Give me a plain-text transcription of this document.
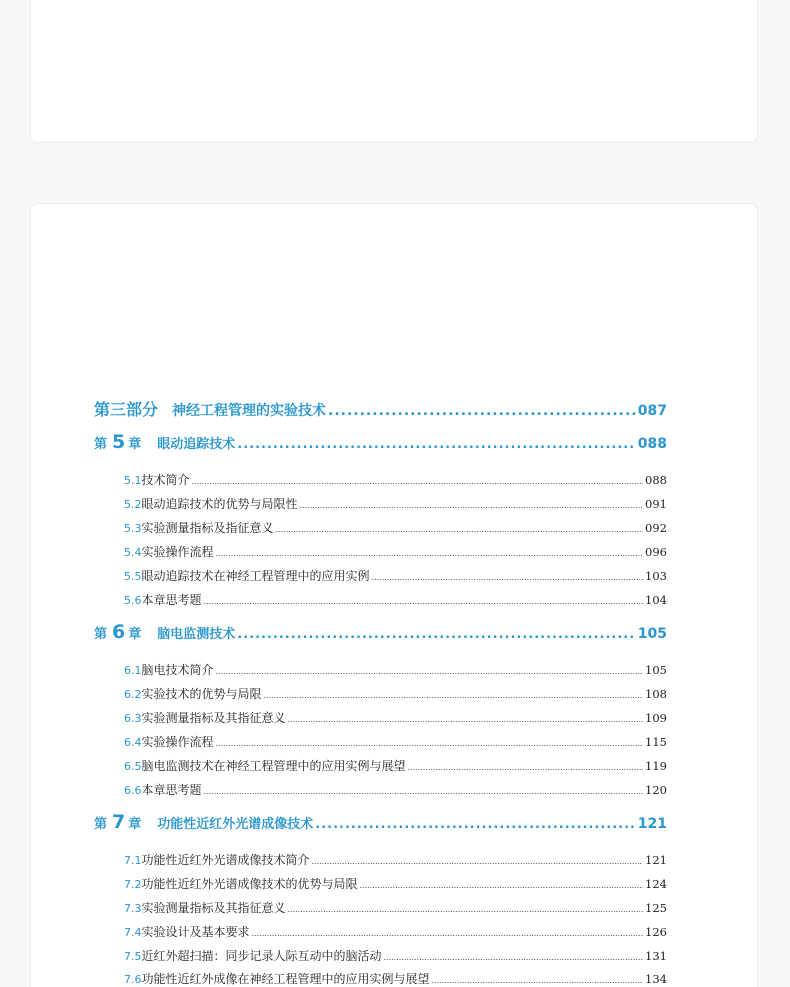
第三部分 神经工程管理的实验技术 .....	087
第 5 章 眼动追踪技术 .....	088
5.1 技术简介 .....	088
5.2 眼动追踪技术的优势与局限性 .....	091
5.3 实验测量指标及指征意义 .....	092
5.4 实验操作流程 .....	096
5.5 眼动追踪技术在神经工程管理中的应用实例 .....	103
5.6 本章思考题 .....	104
第 6 章 脑电监测技术 .....	105
6.1 脑电技术简介 .....	105
6.2 实验技术的优势与局限 .....	108
6.3 实验测量指标及其指征意义 .....	109
6.4 实验操作流程 .....	115
6.5 脑电监测技术在神经工程管理中的应用实例与展望 .....	119
6.6 本章思考题 .....	120
第 7 章 功能性近红外光谱成像技术 .....	121
7.1 功能性近红外光谱成像技术简介 .....	121
7.2 功能性近红外光谱成像技术的优势与局限 .....	124
7.3 实验测量指标及其指征意义 .....	125
7.4 实验设计及基本要求 .....	126
7.5 近红外超扫描：同步记录人际互动中的脑活动 .....	131
7.6 功能性近红外成像在神经工程管理中的应用实例与展望 .....	134
